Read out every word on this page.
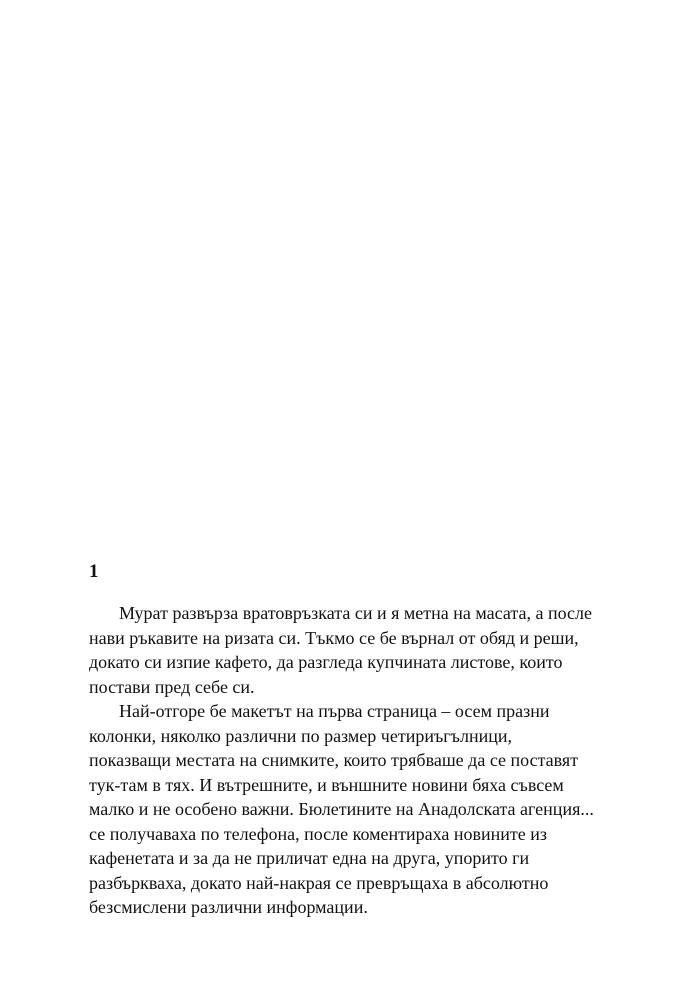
1
Мурат развърза вратовръзката си и я метна на масата, а после
нави ръкавите на ризата си. Тъкмо се бе върнал от обяд и реши,
докато си изпие кафето, да разгледа купчината листове, които
постави пред себе си.
Най-отгоре бе макетът на първа страница – осем празни
колонки, няколко различни по размер четириъгълници,
показващи местата на снимките, които трябваше да се поставят
тук-там в тях. И вътрешните, и външните новини бяха съвсем
малко и не особено важни. Бюлетините на Анадолската агенция...
се получаваха по телефона, после коментираха новините из
кафенетата и за да не приличат една на друга, упорито ги
разбъркваха, докато най-накрая се превръщаха в абсолютно
безсмислени различни информации.
